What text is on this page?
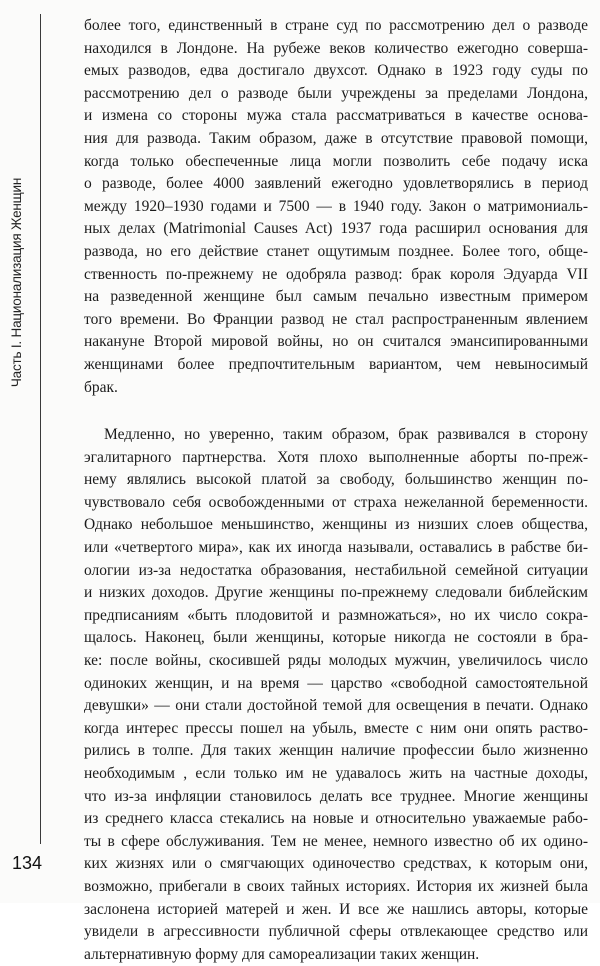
Часть I. Национализация Женщин
более того, единственный в стране суд по рассмотрению дел о разводе
находился в Лондоне. На рубеже веков количество ежегодно соверша-
емых разводов, едва достигало двухсот. Однако в 1923 году суды по
рассмотрению дел о разводе были учреждены за пределами Лондона,
и измена со стороны мужа стала рассматриваться в качестве основа-
ния для развода. Таким образом, даже в отсутствие правовой помощи,
когда только обеспеченные лица могли позволить себе подачу иска
о разводе, более 4000 заявлений ежегодно удовлетворялись в период
между 1920–1930 годами и 7500 — в 1940 году. Закон о матримониаль-
ных делах (Matrimonial Causes Act) 1937 года расширил основания для
развода, но его действие станет ощутимым позднее. Более того, обще-
ственность по-прежнему не одобряла развод: брак короля Эдуарда VII
на разведенной женщине был самым печально известным примером
того времени. Во Франции развод не стал распространенным явлением
накануне Второй мировой войны, но он считался эмансипированными
женщинами более предпочтительным вариантом, чем невыносимый
брак.
Медленно, но уверенно, таким образом, брак развивался в сторону
эгалитарного партнерства. Хотя плохо выполненные аборты по-преж-
нему являлись высокой платой за свободу, большинство женщин по-
чувствовало себя освобожденными от страха нежеланной беременности.
Однако небольшое меньшинство, женщины из низших слоев общества,
или «четвертого мира», как их иногда называли, оставались в рабстве би-
ологии из-за недостатка образования, нестабильной семейной ситуации
и низких доходов. Другие женщины по-прежнему следовали библейским
предписаниям «быть плодовитой и размножаться», но их число сокра-
щалось. Наконец, были женщины, которые никогда не состояли в бра-
ке: после войны, скосившей ряды молодых мужчин, увеличилось число
одиноких женщин, и на время — царство «свободной самостоятельной
девушки» — они стали достойной темой для освещения в печати. Однако
когда интерес прессы пошел на убыль, вместе с ним они опять раство-
рились в толпе. Для таких женщин наличие профессии было жизненно
необходимым , если только им не удавалось жить на частные доходы,
что из-за инфляции становилось делать все труднее. Многие женщины
из среднего класса стекались на новые и относительно уважаемые рабо-
ты в сфере обслуживания. Тем не менее, немного известно об их одино-
ких жизнях или о смягчающих одиночество средствах, к которым они,
возможно, прибегали в своих тайных историях. История их жизней была
заслонена историей матерей и жен. И все же нашлись авторы, которые
увидели в агрессивности публичной сферы отвлекающее средство или
альтернативную форму для самореализации таких женщин.
134
